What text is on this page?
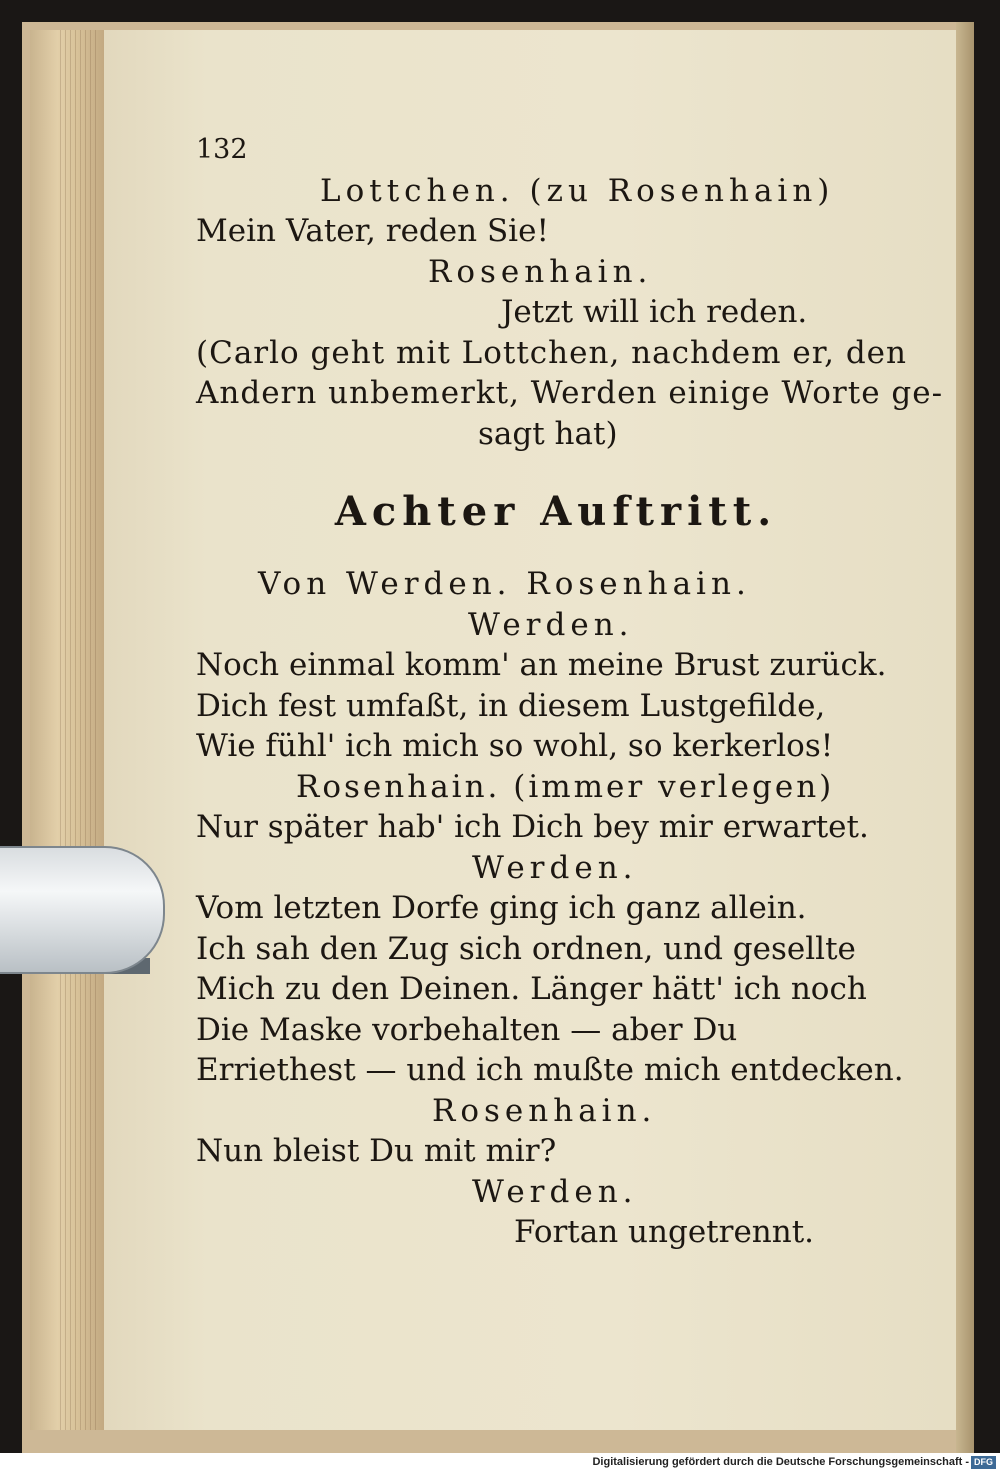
132
Lottchen. (zu Rosenhain)
Mein Vater, reden Sie!
Rosenhain.
Jetzt will ich reden.
(Carlo geht mit Lottchen, nachdem er, den
Andern unbemerkt, Werden einige Worte ge-
sagt hat)
Achter Auftritt.
Von Werden. Rosenhain.
Werden.
Noch einmal komm' an meine Brust zurück.
Dich fest umfaßt, in diesem Lustgefilde,
Wie fühl' ich mich so wohl, so kerkerlos!
Rosenhain. (immer verlegen)
Nur später hab' ich Dich bey mir erwartet.
Werden.
Vom letzten Dorfe ging ich ganz allein.
Ich sah den Zug sich ordnen, und gesellte
Mich zu den Deinen. Länger hätt' ich noch
Die Maske vorbehalten — aber Du
Erriethest — und ich mußte mich entdecken.
Rosenhain.
Nun bleist Du mit mir?
Werden.
Fortan ungetrennt.
Digitalisierung gefördert durch die Deutsche Forschungsgemeinschaft - DFG
